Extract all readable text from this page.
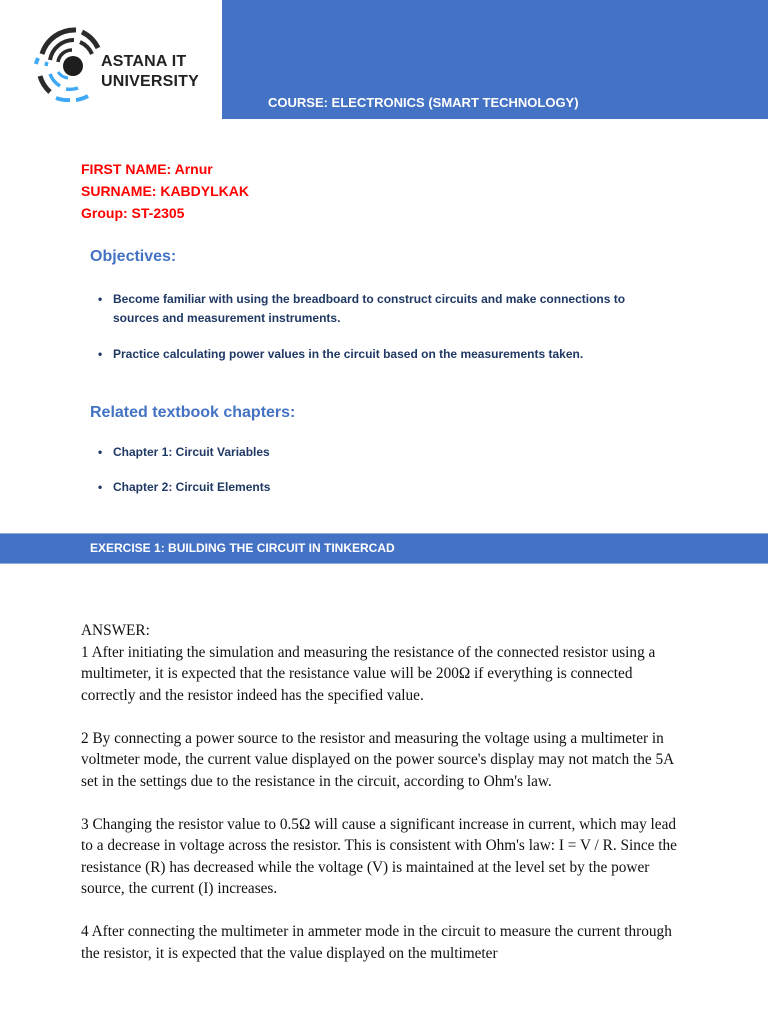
ASTANA IT
UNIVERSITY
COURSE: ELECTRONICS (SMART TECHNOLOGY)
FIRST NAME: Arnur
SURNAME: KABDYLKAK
Group: ST-2305
Objectives:
• Become familiar with using the breadboard to construct circuits and make connections to sources and measurement instruments.
• Practice calculating power values in the circuit based on the measurements taken.
Related textbook chapters:
• Chapter 1: Circuit Variables
• Chapter 2: Circuit Elements
EXERCISE 1: BUILDING THE CIRCUIT IN TINKERCAD

ANSWER:

1 After initiating the simulation and measuring the resistance of the connected resistor using a multimeter, it is expected that the resistance value will be 200Ω if everything is connected correctly and the resistor indeed has the specified value.

2 By connecting a power source to the resistor and measuring the voltage using a multimeter in voltmeter mode, the current value displayed on the power source's display may not match the 5A set in the settings due to the resistance in the circuit, according to Ohm's law.

3 Changing the resistor value to 0.5Ω will cause a significant increase in current, which may lead to a decrease in voltage across the resistor. This is consistent with Ohm's law: I = V / R. Since the resistance (R) has decreased while the voltage (V) is maintained at the level set by the power source, the current (I) increases.

4 After connecting the multimeter in ammeter mode in the circuit to measure the current through the resistor, it is expected that the value displayed on the multimeter
